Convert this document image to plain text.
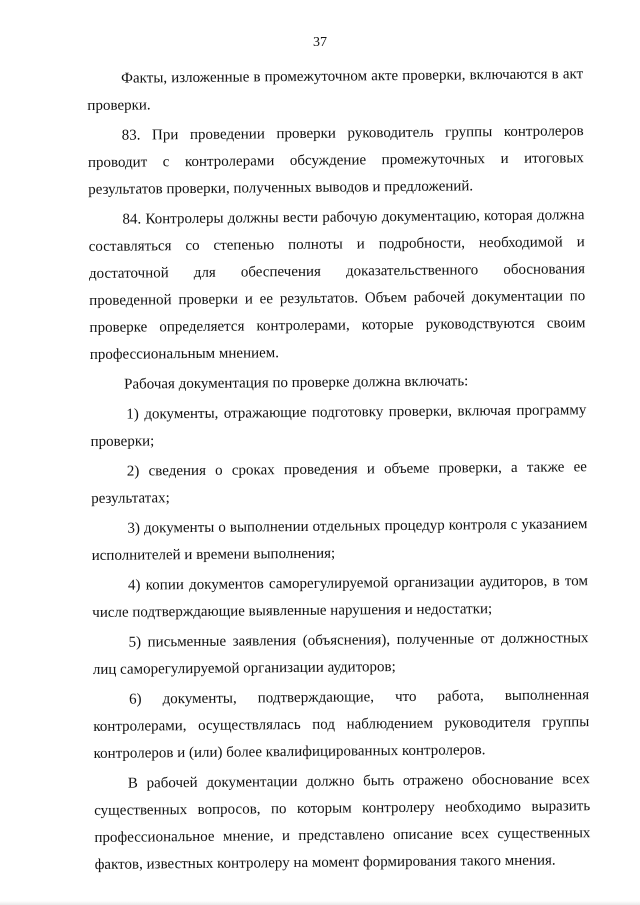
37

Факты, изложенные в промежуточном акте проверки, включаются в акт проверки.

83. При проведении проверки руководитель группы контролеров проводит с контролерами обсуждение промежуточных и итоговых результатов проверки, полученных выводов и предложений.

84. Контролеры должны вести рабочую документацию, которая должна составляться со степенью полноты и подробности, необходимой и достаточной для обеспечения доказательственного обоснования проведенной проверки и ее результатов. Объем рабочей документации по проверке определяется контролерами, которые руководствуются своим профессиональным мнением.

Рабочая документация по проверке должна включать:

1) документы, отражающие подготовку проверки, включая программу проверки;

2) сведения о сроках проведения и объеме проверки, а также ее результатах;

3) документы о выполнении отдельных процедур контроля с указанием исполнителей и времени выполнения;

4) копии документов саморегулируемой организации аудиторов, в том числе подтверждающие выявленные нарушения и недостатки;

5) письменные заявления (объяснения), полученные от должностных лиц саморегулируемой организации аудиторов;

6) документы, подтверждающие, что работа, выполненная контролерами, осуществлялась под наблюдением руководителя группы контролеров и (или) более квалифицированных контролеров.

В рабочей документации должно быть отражено обоснование всех существенных вопросов, по которым контролеру необходимо выразить профессиональное мнение, и представлено описание всех существенных фактов, известных контролеру на момент формирования такого мнения.
